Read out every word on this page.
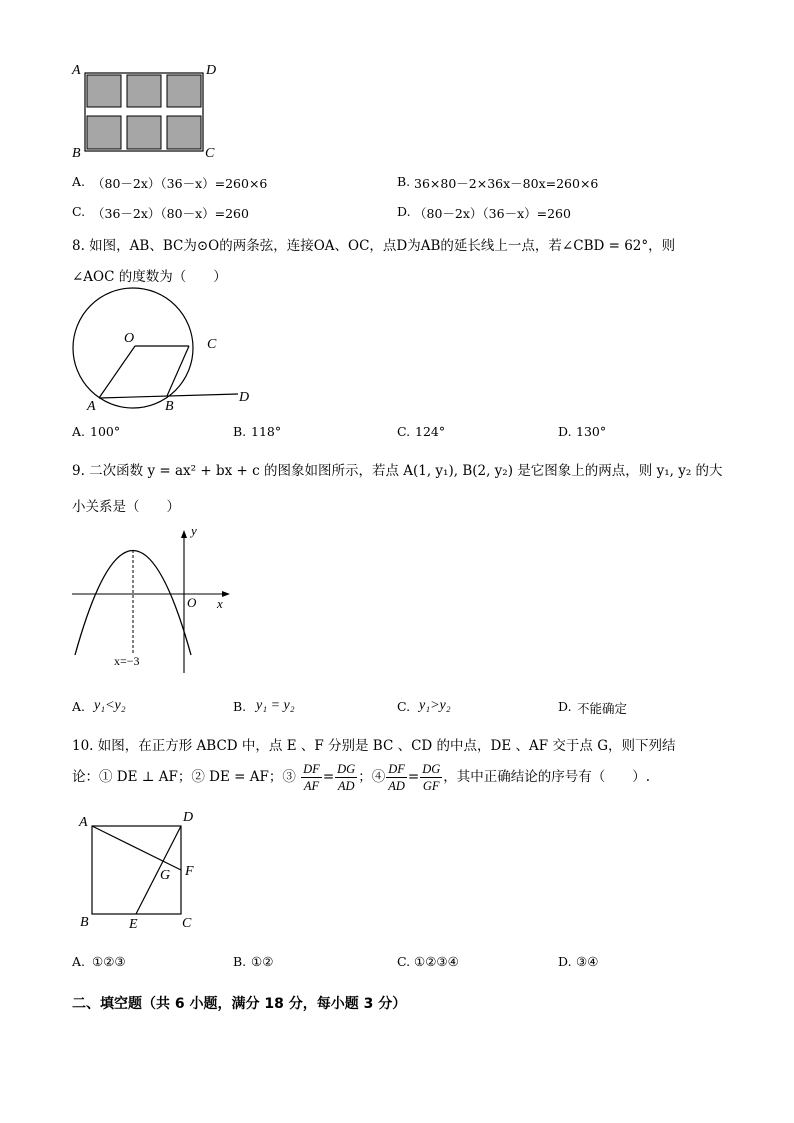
A	D
B	C
A. （80－2x）（36－x）=260×6	B. 36×80－2×36x－80x=260×6
C. （36－2x）（80－x）=260	D. （80－2x）（36－x）=260
8. 如图，AB、BC为⊙O的两条弦，连接OA、OC，点D为AB的延长线上一点，若∠CBD = 62°，则
∠AOC 的度数为（　　）
O	C
A	B
D
A. 100°	B. 118°	C. 124°	D. 130°
9. 二次函数 y = ax² + bx + c 的图象如图所示，若点 A(1, y₁), B(2, y₂) 是它图象上的两点，则 y₁, y₂ 的大
小关系是（　　）
y
x
O
x=−3
A. y₁<y₂	B. y₁ = y₂	C. y₁>y₂	D. 不能确定
10. 如图，在正方形 ABCD 中，点 E 、F 分别是 BC 、CD 的中点，DE 、AF 交于点 G，则下列结
论：① DE ⊥ AF；② DE = AF；③ $\frac{DF}{AF} = \frac{DG}{AD}$ ；④ $\frac{DF}{AD} = \frac{DG}{GF}$ ，其中正确结论的序号有（　　）.
A	D
G F
B	E	C
A. ①②③	B. ①②	C. ①②③④	D. ③④
二、填空题（共 6 小题，满分 18 分，每小题 3 分）
